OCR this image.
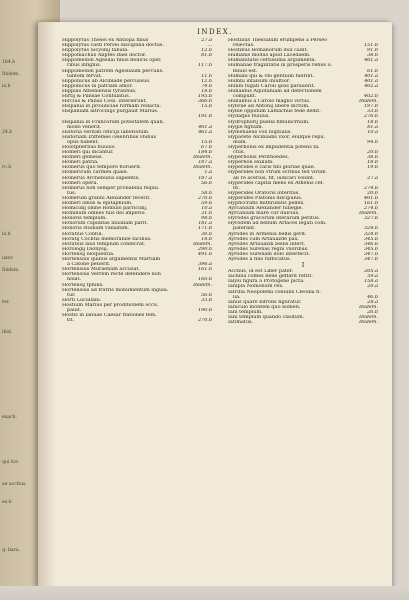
184.b
Ibidem.
ix.b
24.b
rc.b
ix.b
uxor.
Ibidem.
ter.
ibid.
exach.
qui fce.
ae accitus.
ez.b
q: bara.
INDEX.
Hippolytus Thesei ex Antiopa filius	27.a
Hippolytus casti Persei disciplina doctus.	...
Hippolytus Sicyonij fabula.	12.b
Hippomachus Aliptes Ifaei doctor.	81.b
Hippomedon Agesilai filius bellicis oper.
ribus infignis.	117.b
Hippomedon patrem Agesilaum perculis.
tantem fervat.	11.b
Hipponicus ab Alcibiade percussus.	12.b
Hipponicus in patriam amor.	74.b
Hippias Atheniensis tyrannus.	18.b
Hirtij & Pansae Confulatus.	195.b
Hircius & Pansa Coss. interierunt.	366.b
Hispania in prouinciae formam redacta.	15.b
Hispaniam latrocinijs purgauit Marius.
191.b
Hispania in Francorum potestatem quan.
modo venerit.	401.a
Historia veritati officijs laboriofum.	461.a
Historiam Iriftemes celebribus vbibus
opus habent.	15.b
Holotphernus fluuius.	67.b
Homeri qui dicantur.	184.b
Homeri gemeus.	Ibidem.
Homeri patria.	187.a
Homerus quo tempore floruerit.	Ibidem.
Homericum carmen quale.	1.a
Homerus Archebulus sapientis.	187.a
Homeri opera.	56.b
Homerus non semper probabilia fequu.
tus.	58.b
Homerum granni Alexander fecerit.	270.b
Homeri omus & epitaphium.	59.b
Homicidij omne Romulo parricidij.	10.a
Hominum omnes fuis dei imperio.	31.b
Honoris templum.	98.b
Honorum cupiditas inuidiam parit.	181.a
Honoris studium vanadum.	171.b
Horatius Conful.	30.b
Horatij Coclitis memorabile facinus.	18.b
Horatius laus templum confecrat.	Ibidem.
Horologij Dionysij.	290.b
Hortensij eloquentia.	491.b
Hortensius quibus argumentis Martiam
a Catone petierit.	396.a
Hortensius Muraenam accusat.	161.b
Hortensius Verrem recte defendere non
nolat.	160.b
Hortensij fphinx.	Ibidem.
Hortensius ad fratris monumentum ingula.
tur.	56.b
Horti Lucullani.	33.b
Hostium Marius per proditionem occu.
pauit.	190.b
Hostis in lanuae Caesar ftationes fem.
tit.	270.b
Hostilius Thessalum erumpens a Perseo
reiectus.	151.b
Hostibus Romanorum dux cadit.	91.b
Humanis modus apud Lacedaem.	38.b
Humanitatis certissima argumenta.	401.a
Humanae fragilitatis in prosperis rebus o.
bliuio est.	61.b
Humani qui & vbi gentium fuerint.	401.a
Humni infalsum iniultior.	401.a
Hunni fugati Caroli ipsis parauerit.	402.a
Hunaldus Aquitaniam ad defectionem
compulit.	402.b
Hunaldus a Carolo magno victus.	Ibidem.
Hybrae ad Antonij libere dictum.	197.b
Hyble oppidum Lamachus fede dedit.	33.b
Hydafpis fluuius.	276.b
Hydrophorij puella fimulacrhum.	18.b
Hygie fignum.	81.a
Hymenaeus vox nuptialis.	10.a
Hyparete Alcibiadis vxor, eiufque repu.
dium.	94.b
Hyperbolus ex impudentia potens fa.
ctus.	20.b
Hyperbolus Perithoedes.	38.b
Hyperboli exilium.	18.b
Hyperides e caris fibi gloriae quae.	19.b
Hyperides non vtrum scribus fed virum
ab re acerius, fit, iudicari volunt.	27.a
Hyperides capitis mens ex Athenis cef.
fit.	274.b
Hyperides Oratoris interitus.	20.b
Hyperides Platonis difcipulus.	401.b
Hypficcrafis mithridatis pellex.	161.b
Ayrcanium Alexander fubegie.	274.b
Ayrcanium mare cur dulcius.	Ibidem.
Hyrodes gracorum literarum peritus.	327.b
Hyrodem ad bellum Arfaces legati com.
paferant.	324.b
Ayrodes in Armenia bellis gerit.	324.b
Ayrodes cum Artauazde pax.	345.b
Ayrodes Artauazdi bellis infert.	346.b
Ayrodes Surenas regni vxoribus.	345.b
Ayrodes Surenam dolo interfecit.	347.b
Ayrodes a filio fuffocatus.	347.b
I
Acchus, id est Liber pater.	205.a
Iachina comes bene geffarit rettit.	59.a
Ialysi figura a Protogene picta.	158.a
Ianipla Nomonum rex.	20.a
Iatrifia Neopolemi coniunx Cleodai fi.
lia.	46.b
Ianus quare bifrons figuratur.	28.a
Ianiculo montem quo nomen.	Ibidem.
Iani templum.	26.b
Iani templum quando claufum.	Ibidem.
Iatimatus.	Ibidem.
